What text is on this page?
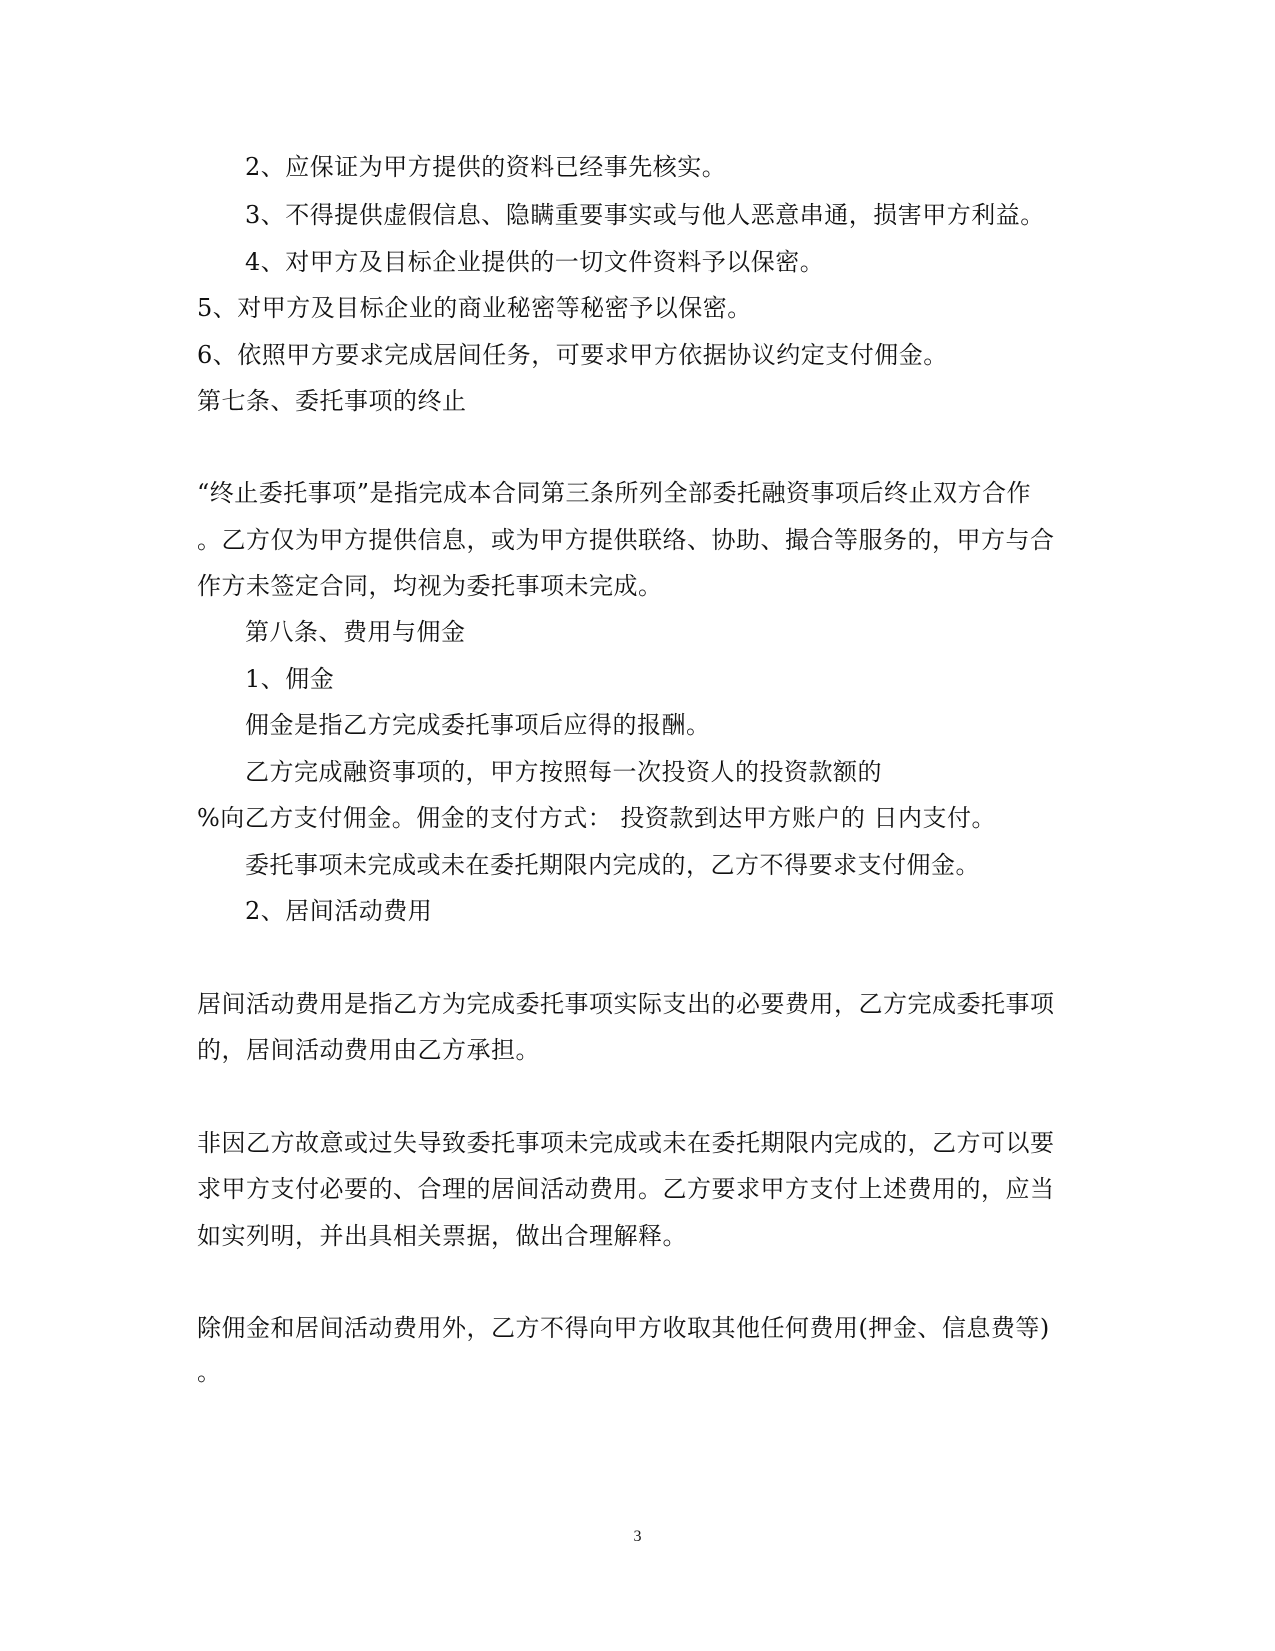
2、应保证为甲方提供的资料已经事先核实。
3、不得提供虚假信息、隐瞒重要事实或与他人恶意串通，损害甲方利益。
4、对甲方及目标企业提供的一切文件资料予以保密。
5、对甲方及目标企业的商业秘密等秘密予以保密。
6、依照甲方要求完成居间任务，可要求甲方依据协议约定支付佣金。
第七条、委托事项的终止
“终止委托事项”是指完成本合同第三条所列全部委托融资事项后终止双方合作
。乙方仅为甲方提供信息，或为甲方提供联络、协助、撮合等服务的，甲方与合
作方未签定合同，均视为委托事项未完成。
第八条、费用与佣金
1、佣金
佣金是指乙方完成委托事项后应得的报酬。
乙方完成融资事项的，甲方按照每一次投资人的投资款额的
%向乙方支付佣金。佣金的支付方式： 投资款到达甲方账户的 日内支付。
委托事项未完成或未在委托期限内完成的，乙方不得要求支付佣金。
2、居间活动费用
居间活动费用是指乙方为完成委托事项实际支出的必要费用，乙方完成委托事项
的，居间活动费用由乙方承担。
非因乙方故意或过失导致委托事项未完成或未在委托期限内完成的，乙方可以要
求甲方支付必要的、合理的居间活动费用。乙方要求甲方支付上述费用的，应当
如实列明，并出具相关票据，做出合理解释。
除佣金和居间活动费用外，乙方不得向甲方收取其他任何费用(押金、信息费等)
。
3
